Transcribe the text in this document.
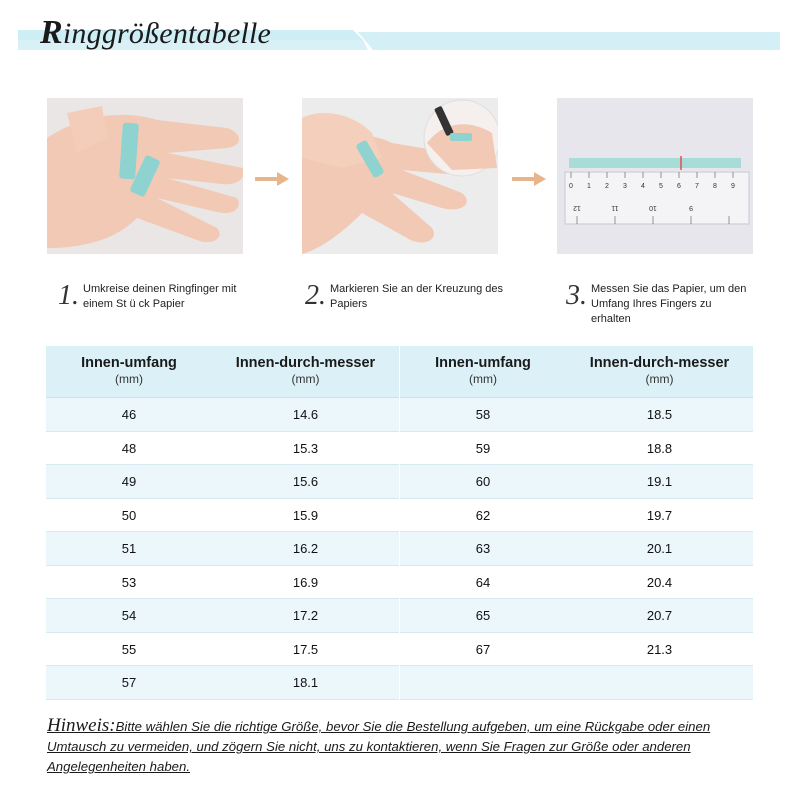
Ringgrößentabelle
0 1 2 3 4 5 6 7 8 9
12	11	10	9
1. Umkreise deinen Ringfinger mit einem St ü ck Papier	2. Markieren Sie an der Kreuzung des Papiers	3. Messen Sie das Papier, um den Umfang Ihres Fingers zu erhalten
Innen-umfang
(mm)
Innen-durch-messer
(mm)
46	14.6
48	15.3
49	15.6
50	15.9
51	16.2
53	16.9
54	17.2
55	17.5
57	18.1
Innen-umfang
(mm)
Innen-durch-messer
(mm)
58	18.5
59	18.8
60	19.1
62	19.7
63	20.1
64	20.4
65	20.7
67	21.3
Hinweis:Bitte wählen Sie die richtige Größe, bevor Sie die Bestellung aufgeben, um eine Rückgabe oder einen Umtausch zu vermeiden, und zögern Sie nicht, uns zu kontaktieren, wenn Sie Fragen zur Größe oder anderen Angelegenheiten haben.
